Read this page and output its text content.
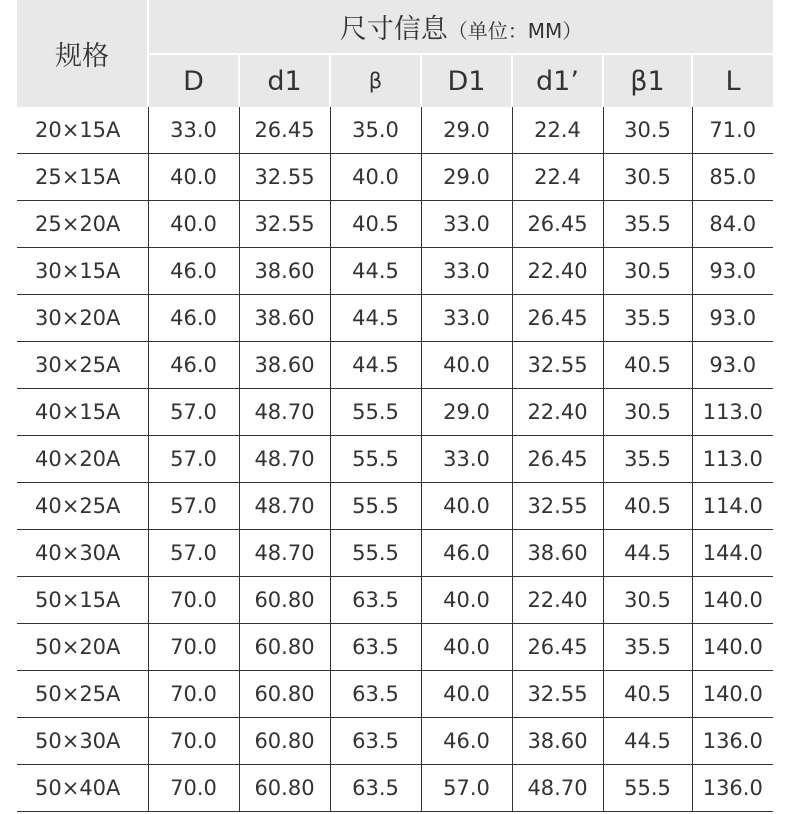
规格	尺寸信息（单位：MM）						
	D	d1	β	D1	d1’	β1	L
20×15A	33.0	26.45	35.0	29.0	22.4	30.5	71.0
25×15A	40.0	32.55	40.0	29.0	22.4	30.5	85.0
25×20A	40.0	32.55	40.5	33.0	26.45	35.5	84.0
30×15A	46.0	38.60	44.5	33.0	22.40	30.5	93.0
30×20A	46.0	38.60	44.5	33.0	26.45	35.5	93.0
30×25A	46.0	38.60	44.5	40.0	32.55	40.5	93.0
40×15A	57.0	48.70	55.5	29.0	22.40	30.5	113.0
40×20A	57.0	48.70	55.5	33.0	26.45	35.5	113.0
40×25A	57.0	48.70	55.5	40.0	32.55	40.5	114.0
40×30A	57.0	48.70	55.5	46.0	38.60	44.5	144.0
50×15A	70.0	60.80	63.5	40.0	22.40	30.5	140.0
50×20A	70.0	60.80	63.5	40.0	26.45	35.5	140.0
50×25A	70.0	60.80	63.5	40.0	32.55	40.5	140.0
50×30A	70.0	60.80	63.5	46.0	38.60	44.5	136.0
50×40A	70.0	60.80	63.5	57.0	48.70	55.5	136.0
